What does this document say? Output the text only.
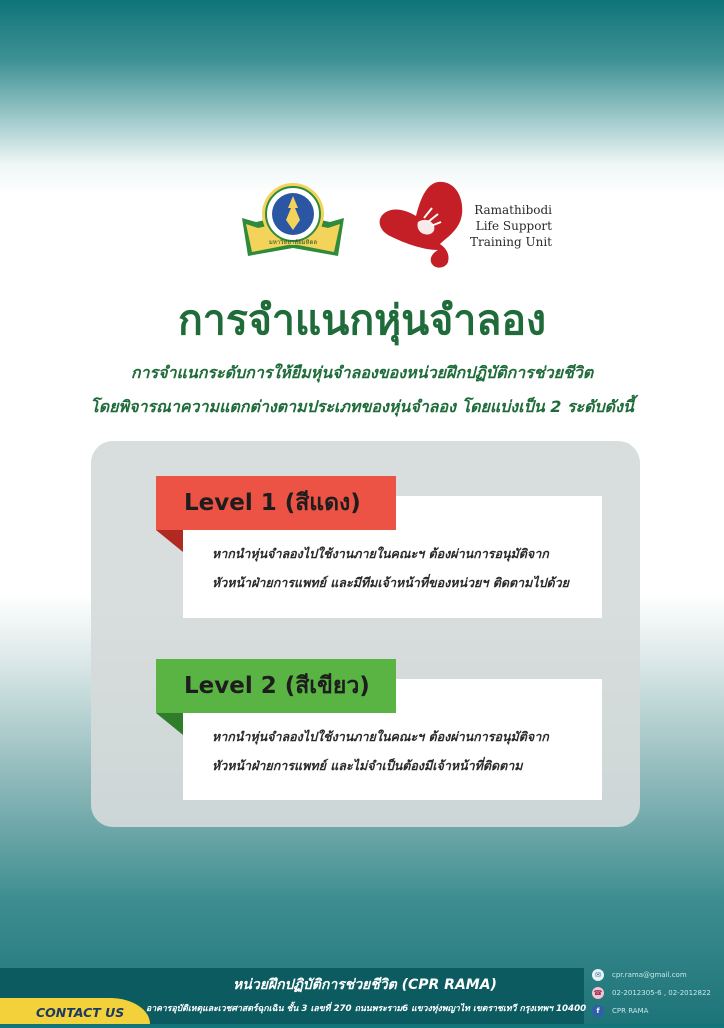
มหาวิทยาลัยมหิดล
Ramathibodi
Life Support
Training Unit
การจำแนกหุ่นจำลอง
การจำแนกระดับการให้ยืมหุ่นจำลองของหน่วยฝึกปฏิบัติการช่วยชีวิต
โดยพิจารณาความแตกต่างตามประเภทของหุ่นจำลอง โดยแบ่งเป็น 2 ระดับดังนี้
Level 1 (สีแดง)
หากนำหุ่นจำลองไปใช้งานภายในคณะฯ ต้องผ่านการอนุมัติจาก
หัวหน้าฝ่ายการแพทย์ และมีทีมเจ้าหน้าที่ของหน่วยฯ ติดตามไปด้วย
Level 2 (สีเขียว)
หากนำหุ่นจำลองไปใช้งานภายในคณะฯ ต้องผ่านการอนุมัติจาก
หัวหน้าฝ่ายการแพทย์ และไม่จำเป็นต้องมีเจ้าหน้าที่ติดตาม
CONTACT US
หน่วยฝึกปฏิบัติการช่วยชีวิต (CPR RAMA)
อาคารอุบัติเหตุและเวชศาสตร์ฉุกเฉิน ชั้น 3 เลขที่ 270 ถนนพระราม6 แขวงทุ่งพญาไท เขตราชเทวี กรุงเทพฯ 10400
✉	cpr.rama@gmail.com
☎ 02-2012305-6 , 02-2012822
f	CPR RAMA
